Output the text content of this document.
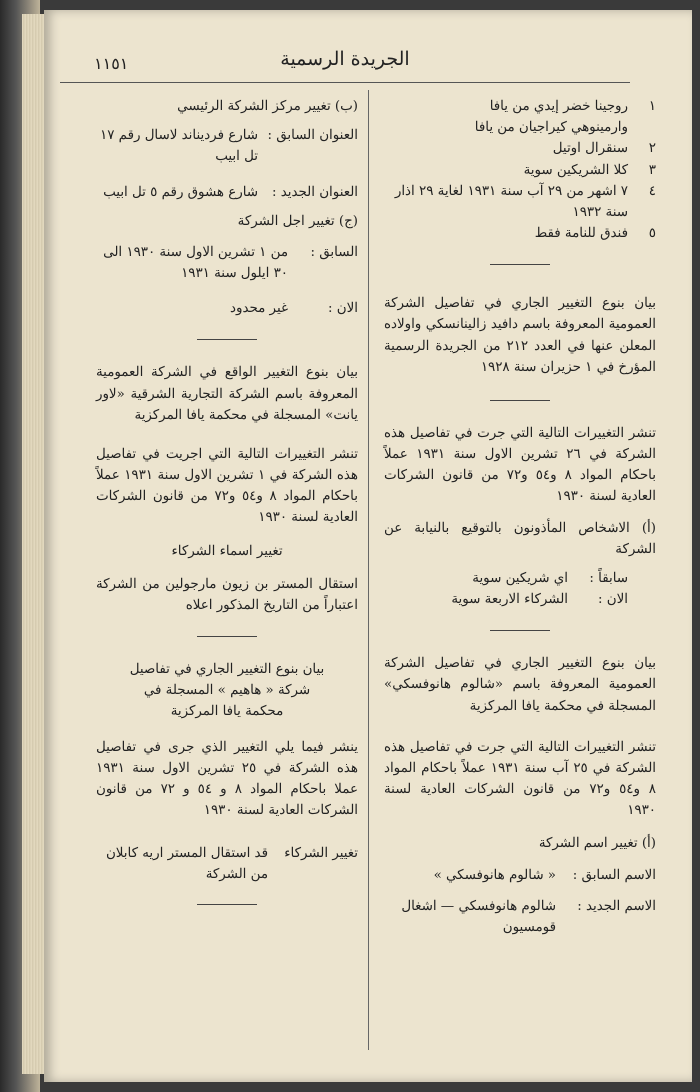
الجريدة الرسمية
١١٥١
١
روجينا خضر إيدي من يافا
وارمينوهي كيراجيان من يافا
٢
سنقرال اوتيل
٣
كلا الشريكين سوية
٤
٧ اشهر من ٢٩ آب سنة ١٩٣١ لغاية ٢٩ اذار
سنة ١٩٣٢
٥
فندق للنامة فقط

بيان بنوع التغيير الجاري في تفاصيل الشركة العمومية المعروفة باسم دافيد زالينانسكي واولاده المعلن عنها في العدد ٢١٢ من الجريدة الرسمية المؤرخ في ١ حزيران سنة ١٩٢٨

تنشر التغييرات التالية التي جرت في تفاصيل هذه الشركة في ٢٦ تشرين الاول سنة ١٩٣١ عملاً باحكام المواد ٨ و٥٤ و٧٢ من قانون الشركات العادية لسنة ١٩٣٠

(أ) الاشخاص المأذونون بالتوقيع بالنيابة عن الشركة

سابقاً :
اي شريكين سوية
الان :
الشركاء الاربعة سوية

بيان بنوع التغيير الجاري في تفاصيل الشركة العمومية المعروفة باسم «شالوم هانوفسكي» المسجلة في محكمة يافا المركزية

تنشر التغييرات التالية التي جرت في تفاصيل هذه الشركة في ٢٥ آب سنة ١٩٣١ عملاً باحكام المواد ٨ و٥٤ و٧٢ من قانون الشركات العادية لسنة ١٩٣٠

(أ) تغيير اسم الشركة

الاسم السابق :
« شالوم هانوفسكي »
الاسم الجديد :
شالوم هانوفسكي — اشغال قومسيون

(ب) تغيير مركز الشركة الرئيسي

العنوان السابق :
شارع فرديناند لاسال رقم ١٧ تل ابيب
العنوان الجديد :
شارع هشوق رقم ٥ تل ابيب

(ج) تغيير اجل الشركة

السابق :
من ١ تشرين الاول سنة ١٩٣٠ الى ٣٠ ايلول سنة ١٩٣١
الان :
غير محدود

بيان بنوع التغيير الواقع في الشركة العمومية المعروفة باسم الشركة التجارية الشرقية «لاور يانت» المسجلة في محكمة يافا المركزية

تنشر التغييرات التالية التي اجريت في تفاصيل هذه الشركة في ١ تشرين الاول سنة ١٩٣١ عملاً باحكام المواد ٨ و٥٤ و٧٢ من قانون الشركات العادية لسنة ١٩٣٠

تغيير اسماء الشركاء

استقال المستر بن زيون مارجولين من الشركة اعتباراً من التاريخ المذكور اعلاه

بيان بنوع التغيير الجاري في تفاصيل شركة « هاهيم » المسجلة في محكمة يافا المركزية

ينشر فيما يلي التغيير الذي جرى في تفاصيل هذه الشركة في ٢٥ تشرين الاول سنة ١٩٣١ عملا باحكام المواد ٨ و ٥٤ و ٧٢ من قانون الشركات العادية لسنة ١٩٣٠

تغيير الشركاء
قد استقال المستر اريه كابلان من الشركة
